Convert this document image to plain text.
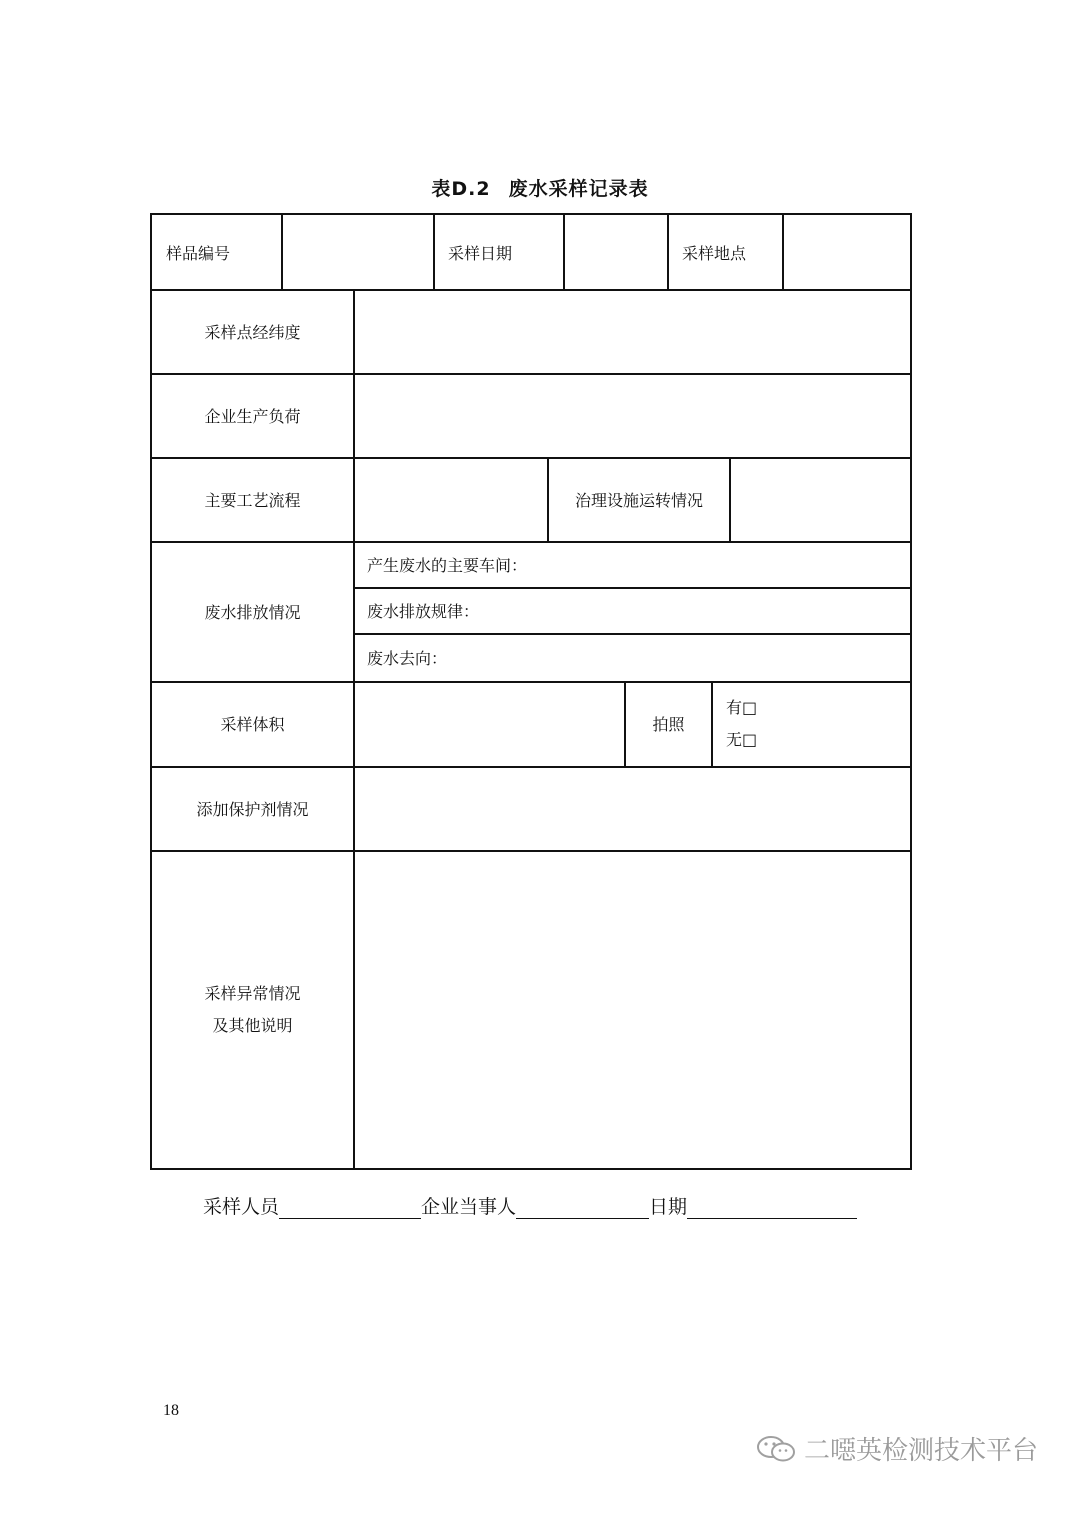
表D.2 废水采样记录表
样品编号	采样日期	采样地点
采样点经纬度
企业生产负荷
主要工艺流程	治理设施运转情况
废水排放情况
产生废水的主要车间：
废水排放规律：
废水去向：
采样体积	拍照
有□
无□
添加保护剂情况
采样异常情况
及其他说明
采样人员	企业当事人	日期
18
二噁英检测技术平台
